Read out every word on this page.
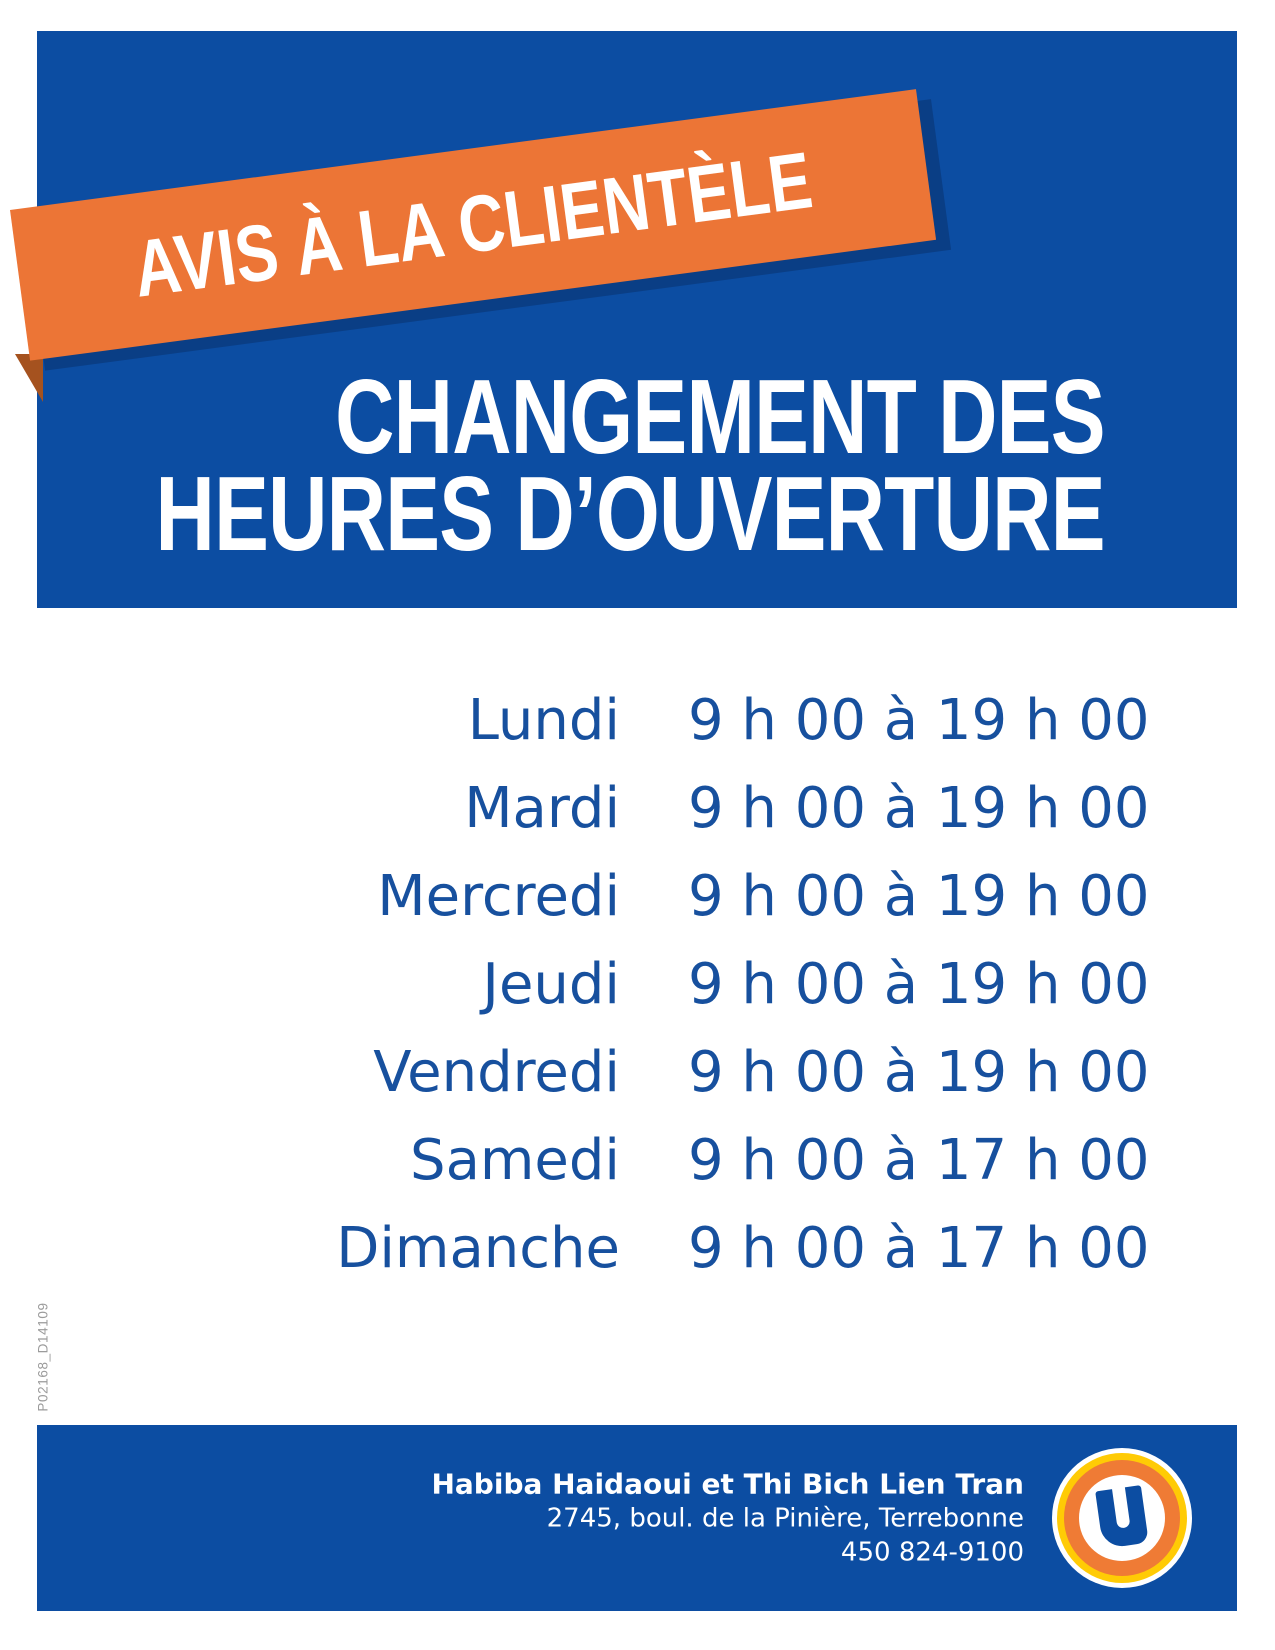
CHANGEMENT DES
HEURES D’OUVERTURE
AVIS À LA CLIENTÈLE
Lundi 9 h 00 à 19 h 00
Mardi 9 h 00 à 19 h 00
Mercredi 9 h 00 à 19 h 00
Jeudi 9 h 00 à 19 h 00
Vendredi 9 h 00 à 19 h 00
Samedi 9 h 00 à 17 h 00
Dimanche 9 h 00 à 17 h 00
P02168_D14109
Habiba Haidaoui et Thi Bich Lien Tran
2745, boul. de la Pinière, Terrebonne
450 824-9100
